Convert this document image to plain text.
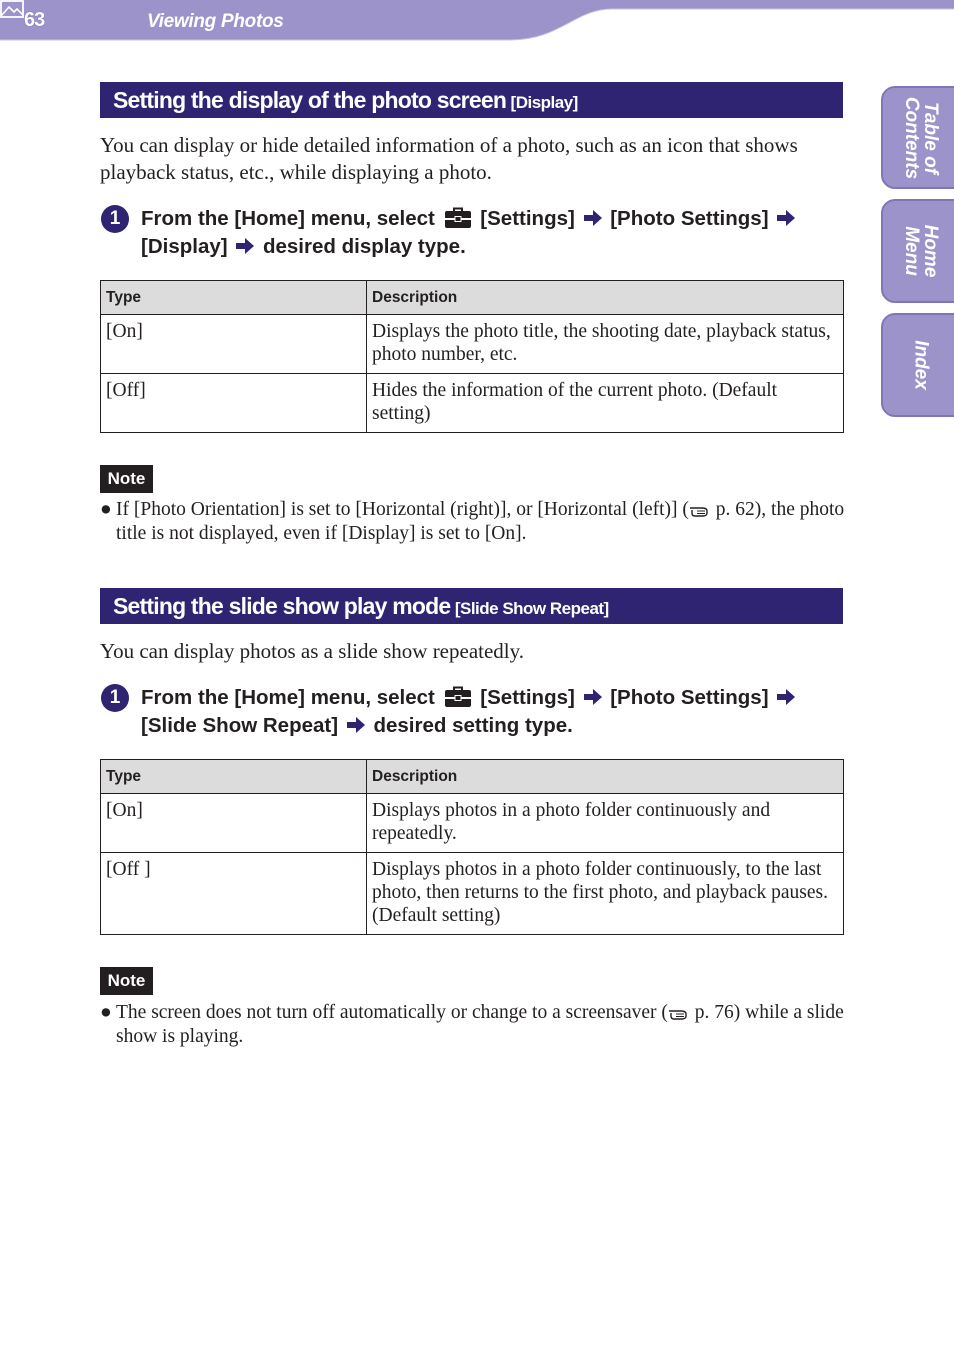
63	Viewing Photos
Table of
Contents
Home
Menu
Index
Setting the display of the photo screen [Display]
You can display or hide detailed information of a photo, such as an icon that shows playback status, etc., while displaying a photo.
1	From the [Home] menu, select [Settings] [Photo Settings]  [Display] desired display type.
Type	Description
[On]	Displays the photo title, the shooting date, playback status, photo number, etc.
[Off]	Hides the information of the current photo. (Default setting)
Note
● If [Photo Orientation] is set to [Horizontal (right)], or [Horizontal (left)] ( p. 62), the photo title is not displayed, even if [Display] is set to [On].
Setting the slide show play mode [Slide Show Repeat]
You can display photos as a slide show repeatedly.
1	From the [Home] menu, select [Settings] [Photo Settings]  [Slide Show Repeat] desired setting type.
Type	Description
[On]	Displays photos in a photo folder continuously and repeatedly.
[Off ]	Displays photos in a photo folder continuously, to the last photo, then returns to the first photo, and playback pauses. (Default setting)
Note
● The screen does not turn off automatically or change to a screensaver ( p. 76) while a slide show is playing.
